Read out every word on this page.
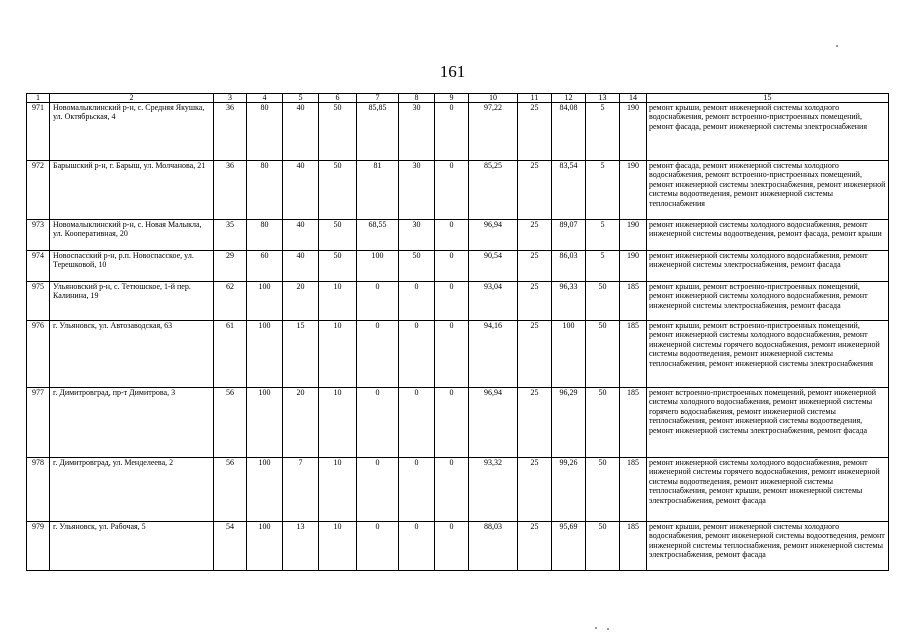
161
1	2	3	4	5	6	7	8	9	10	11	12	13	14	15
971	Новомалыклинский р-н, с. Средняя Якушка, ул. Октябрьская, 4	36	80	40	50	85,85	30	0	97,22	25	84,08	5	190	ремонт крыши, ремонт инженерной системы холодного водоснабжения, ремонт встроенно-пристроенных помещений, ремонт фасада, ремонт инженерной системы электроснабжения
972	Барышский р-н, г. Барыш, ул. Молчанова, 21	36	80	40	50	81	30	0	85,25	25	83,54	5	190	ремонт фасада, ремонт инженерной системы холодного водоснабжения, ремонт встроенно-пристроенных помещений, ремонт инженерной системы электроснабжения, ремонт инженерной системы водоотведения, ремонт инженерной системы теплоснабжения
973	Новомалыклинский р-н, с. Новая Малыкла, ул. Кооперативная, 20	35	80	40	50	68,55	30	0	96,94	25	89,07	5	190	ремонт инженерной системы холодного водоснабжения, ремонт инженерной системы водоотведения, ремонт фасада, ремонт крыши
974	Новоспасский р-н, р.п. Новоспасское, ул. Терешковой, 10	29	60	40	50	100	50	0	90,54	25	86,03	5	190	ремонт инженерной системы холодного водоснабжения, ремонт инженерной системы электроснабжения, ремонт фасада
975	Ульяновский р-н, с. Тетюшское, 1-й пер. Калинина, 19	62	100	20	10	0	0	0	93,04	25	96,33	50	185	ремонт крыши, ремонт встроенно-пристроенных помещений, ремонт инженерной системы холодного водоснабжения, ремонт инженерной системы электроснабжения, ремонт фасада
976	г. Ульяновск, ул. Автозаводская, 63	61	100	15	10	0	0	0	94,16	25	100	50	185	ремонт крыши, ремонт встроенно-пристроенных помещений, ремонт инженерной системы холодного водоснабжения, ремонт инженерной системы горячего водоснабжения, ремонт инженерной системы водоотведения, ремонт инженерной системы теплоснабжения, ремонт инженерной системы электроснабжения
977	г. Димитровград, пр-т Димитрова, 3	56	100	20	10	0	0	0	96,94	25	96,29	50	185	ремонт встроенно-пристроенных помещений, ремонт инженерной системы холодного водоснабжения, ремонт инженерной системы горячего водоснабжения, ремонт инженерной системы теплоснабжения, ремонт инженерной системы водоотведения, ремонт инженерной системы электроснабжения, ремонт фасада
978	г. Димитровград, ул. Менделеева, 2	56	100	7	10	0	0	0	93,32	25	99,26	50	185	ремонт инженерной системы холодного водоснабжения, ремонт инженерной системы горячего водоснабжения, ремонт инженерной системы водоотведения, ремонт инженерной системы теплоснабжения, ремонт крыши, ремонт инженерной системы электроснабжения, ремонт фасада
979	г. Ульяновск, ул. Рабочая, 5	54	100	13	10	0	0	0	88,03	25	95,69	50	185	ремонт крыши, ремонт инженерной системы холодного водоснабжения, ремонт инженерной системы водоотведения, ремонт инженерной системы теплоснабжения, ремонт инженерной системы электроснабжения, ремонт фасада
